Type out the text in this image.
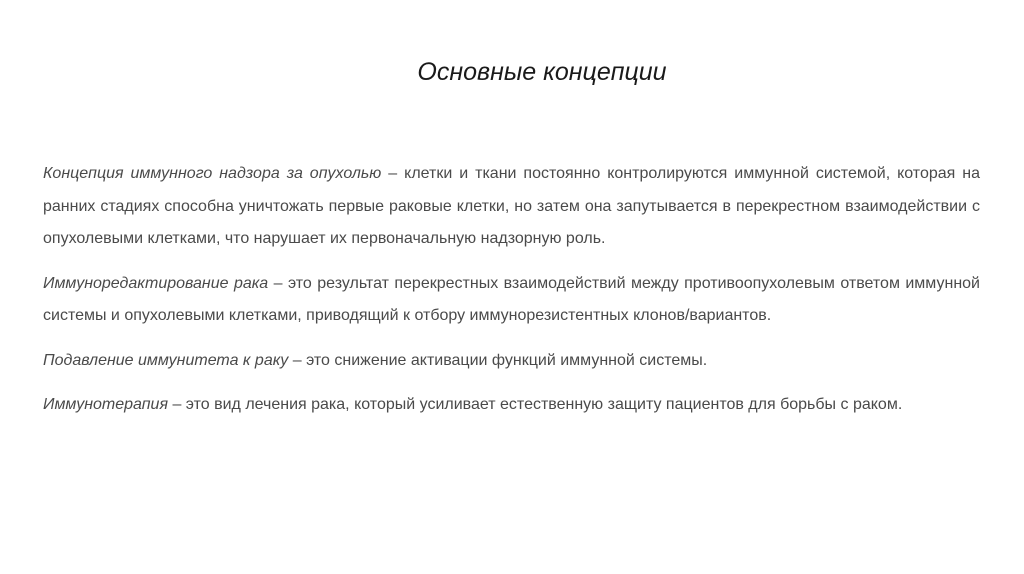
Основные концепции

Концепция иммунного надзора за опухолью – клетки и ткани постоянно контролируются иммунной системой, которая на ранних стадиях способна уничтожать первые раковые клетки, но затем она запутывается в перекрестном взаимодействии с опухолевыми клетками, что нарушает их первоначальную надзорную роль.

Иммунoредактирование рака – это результат перекрестных взаимодействий между противоопухолевым ответом иммунной системы и опухолевыми клетками, приводящий к отбору иммунорезистентных клонов/вариантов.

Подавление иммунитета к раку – это снижение активации функций иммунной системы.

Иммунотерапия – это вид лечения рака, который усиливает естественную защиту пациентов для борьбы с раком.
